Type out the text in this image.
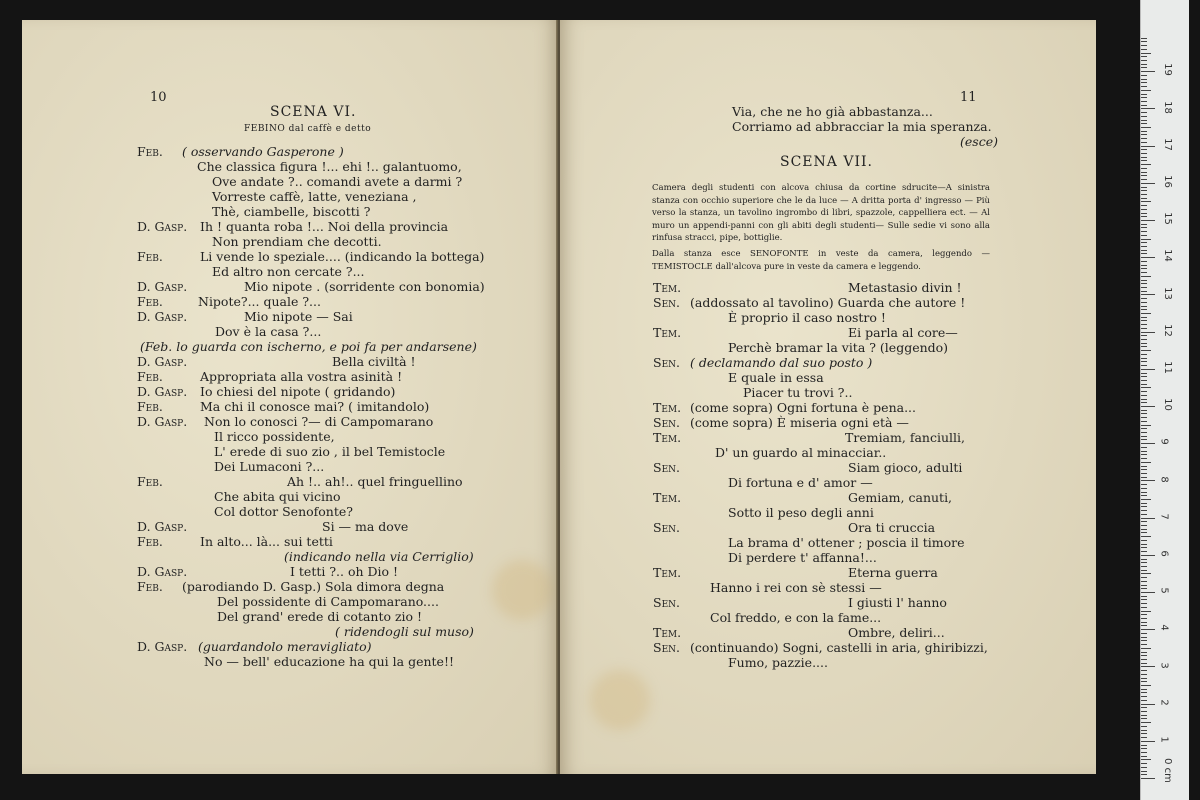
10
SCENA VI.
FEBINO dal caffè e detto
Feb. ( osservando Gasperone )
Che classica figura !... ehi !.. galantuomo,
Ove andate ?.. comandi avete a darmi ?
Vorreste caffè, latte, veneziana ,
Thè, ciambelle, biscotti ?
D. Gasp. Ih ! quanta roba !... Noi della provincia
Non prendiam che decotti.
Feb.	Li vende lo speziale.... (indicando la bottega)
Ed altro non cercate ?...
D. Gasp.	Mio nipote . (sorridente con bonomia)
Feb.	Nipote?... quale ?...
D. Gasp.	Mio nipote — Sai
Dov è la casa ?...
(Feb. lo guarda con ischerno, e poi fa per andarsene)
D. Gasp.	Bella civiltà !
Feb.	Appropriata alla vostra asinità !
D. Gasp. Io chiesi del nipote ( gridando)
Feb.	Ma chi il conosce mai? ( imitandolo)
D. Gasp. Non lo conosci ?— di Campomarano
Il ricco possidente,
L' erede di suo zio , il bel Temistocle
Dei Lumaconi ?...
Feb.	Ah !.. ah!.. quel fringuellino
Che abita qui vicino
Col dottor Senofonte?
D. Gasp.	Si — ma dove
Feb.	In alto... là... sui tetti
(indicando nella via Cerriglio)
D. Gasp.	I tetti ?.. oh Dio !
Feb. (parodiando D. Gasp.) Sola dimora degna
Del possidente di Campomarano....
Del grand' erede di cotanto zio !
( ridendogli sul muso)
D. Gasp. (guardandolo meravigliato)
No — bell' educazione ha qui la gente!!
11
Via, che ne ho già abbastanza...
Corriamo ad abbracciar la mia speranza.
(esce)
SCENA VII.
Camera degli studenti con alcova chiusa da cortine sdrucite—A sinistra stanza con occhio superiore che le da luce — A dritta porta d' ingresso — Più verso la stanza, un tavolino ingrombo di libri, spazzole, cappelliera ect. — Al muro un appendi-panni con gli abiti degli studenti— Sulle sedie vi sono alla rinfusa stracci, pipe, bottiglie.
Dalla stanza esce SENOFONTE in veste da camera, leggendo — TEMISTOCLE dall'alcova pure in veste da camera e leggendo.
Tem.	Metastasio divin !
Sen. (addossato al tavolino) Guarda che autore !
È proprio il caso nostro !
Tem.	Ei parla al core—
Perchè bramar la vita ? (leggendo)
Sen. ( declamando dal suo posto )
E quale in essa
Piacer tu trovi ?..
Tem. (come sopra) Ogni fortuna è pena...
Sen. (come sopra) È miseria ogni età —
Tem.	Tremiam, fanciulli,
D' un guardo al minacciar..
Sen.	Siam gioco, adulti
Di fortuna e d' amor —
Tem.	Gemiam, canuti,
Sotto il peso degli anni
Sen.	Ora ti cruccia
La brama d' ottener ; poscia il timore
Di perdere t' affanna!...
Tem.	Eterna guerra
Hanno i rei con sè stessi —
Sen.	I giusti l' hanno
Col freddo, e con la fame...
Tem.	Ombre, deliri...
Sen. (continuando) Sogni, castelli in aria, ghiribizzi,
Fumo, pazzie....
1
2
3
4
5
6
7
8
9
10
11
12
13
14
15
16
17
18
19
0 cm
